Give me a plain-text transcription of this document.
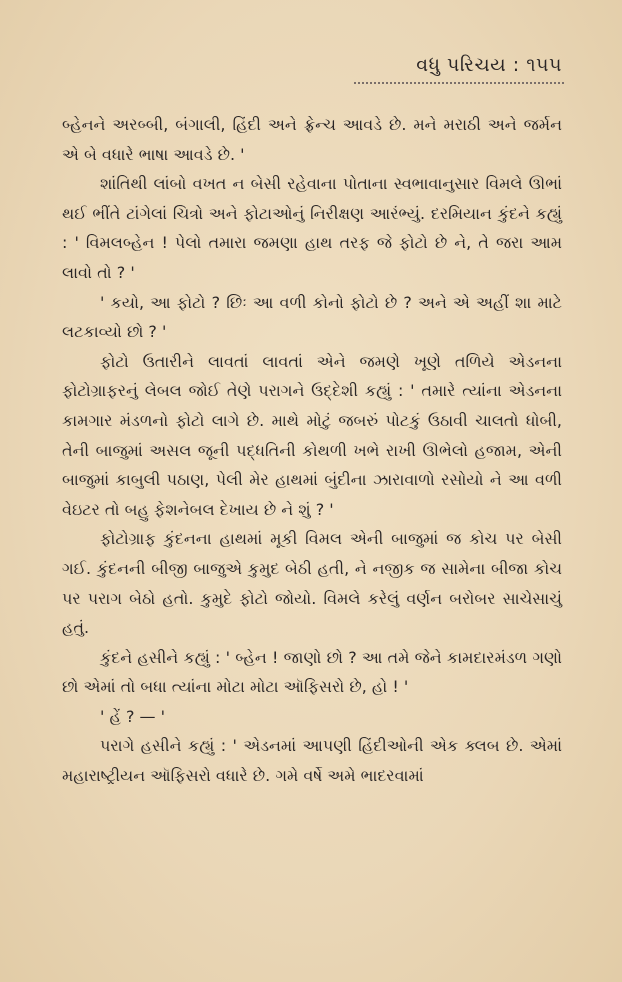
વધુ પરિચય : ૧૫૫

બ્હેનને અરબ્બી, બંગાલી, હિંદી અને ફ્રેન્ચ આવડે છે. મને મરાઠી અને જર્મન એ બે વધારે ભાષા આવડે છે. '

શાંતિથી લાંબો વખત ન બેસી રહેવાના પોતાના સ્વભાવાનુસાર વિમલે ઊભાં થઈ ભીંતે ટાંગેલાં ચિત્રો અને ફોટાઓનું નિરીક્ષણ આરંભ્યું. દરમિયાન કુંદને કહ્યું : ' વિમલબ્હેન ! પેલો તમારા જમણા હાથ તરફ જે ફોટો છે ને, તે જરા આમ લાવો તો ? '

' કયો, આ ફોટો ? છિઃ આ વળી કોનો ફોટો છે ? અને એ અહીં શા માટે લટકાવ્યો છો ? '

ફોટો ઉતારીને લાવતાં લાવતાં એને જમણે ખૂણે તળિયે એડનના ફોટોગ્રાફરનું લેબલ જોઈ તેણે પરાગને ઉદ્દેશી કહ્યું : ' તમારે ત્યાંના એડનના કામગાર મંડળનો ફોટો લાગે છે. માથે મોટું જબરું પોટકું ઉઠાવી ચાલતો ધોબી, તેની બાજુમાં અસલ જૂની પદ્ધતિની કોથળી ખભે રાખી ઊભેલો હજામ, એની બાજુમાં કાબુલી પઠાણ, પેલી મેર હાથમાં બુંદીના ઝારાવાળો રસોયો ને આ વળી વેઇટર તો બહુ ફેશનેબલ દેખાય છે ને શું ? '

ફોટોગ્રાફ કુંદનના હાથમાં મૂકી વિમલ એની બાજુમાં જ કોચ પર બેસી ગઈ. કુંદનની બીજી બાજુએ કુમુદ બેઠી હતી, ને નજીક જ સામેના બીજા કોચ પર પરાગ બેઠો હતો. કુમુદે ફોટો જોયો. વિમલે કરેલું વર્ણન બરોબર સાચેસાચું હતું.

કુંદને હસીને કહ્યું : ' બ્હેન ! જાણો છો ? આ તમે જેને કામદારમંડળ ગણો છો એમાં તો બધા ત્યાંના મોટા મોટા ઑફિસરો છે, હો ! '

' હેં ? — '

પરાગે હસીને કહ્યું : ' એડનમાં આપણી હિંદીઓની એક ક્લબ છે. એમાં મહારાષ્ટ્રીયન ઑફિસરો વધારે છે. ગમે વર્ષે અમે ભાદરવામાં
